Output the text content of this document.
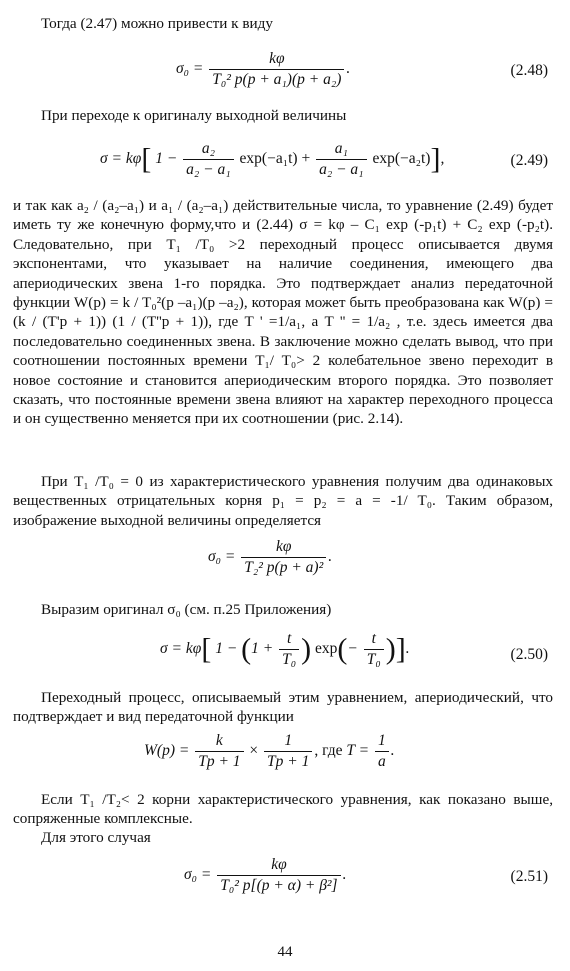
Тогда (2.47) можно привести к виду
$\sigma_0 = \frac{k\varphi}{\text{T₀² p(p + a₁)(p + a₂)}}$ .	(2.48)
При переходе к оригиналу выходной величины
σ = kφ[ $1 - \frac{\text{a₂}}{\text{a₂ − a₁}} \exp(-a_1t) + \frac{\text{a₁}}{\text{a₂ − a₁}} \exp(-a_2t)$],	(2.49)
и так как a₂ / (a₂–a₁) и a₁ / (a₂–a₁) действительные числа, то уравнение (2.49) будет иметь ту же конечную форму,что и (2.44) σ = kφ – C₁ exp (-p₁t) + C₂ exp (-p₂t). Следовательно, при T₁ /T₀ >2 переходный процесс описывается двумя экспонентами, что указывает на наличие соединения, имеющего два апериодических звена 1-го порядка. Это подтверждает анализ передаточной функции W(p) = k / T₀²(p –a₁)(p –a₂), которая может быть преобразована как W(p) = (k / (T'p + 1)) (1 / (T''p + 1)), где T ' =1/a₁, а T '' = 1/a₂ , т.е. здесь имеется два последовательно соединенных звена. В заключение можно сделать вывод, что при соотношении постоянных времени T₁/ T₀> 2 колебательное звено переходит в новое состояние и становится апериодическим второго порядка. Это позволяет сказать, что постоянные времени звена влияют на характер переходного процесса и он существенно меняется при их соотношении (рис. 2.14).
При T₁ /T₀ = 0 из характеристического уравнения получим два одинаковых вещественных отрицательных корня p₁ = p₂ = a = -1/ T₀. Таким образом, изображение выходной величины определяется
$\sigma_0 = \frac{k\varphi}{\text{T₂² p(p + a)²}}$ .
Выразим оригинал σ₀ (см. п.25 Приложения)
σ = kφ[ $1 - (1 + \frac{t}{\text{T₀}}$ ) $\exp(- \frac{t}{\text{T₀}}$ )].	(2.50)
Переходный процесс, описываемый этим уравнением, апериодический, что подтверждает и вид передаточной функции
$W(p) = \frac{k}{Tp + 1} \times \frac{1}{Tp + 1}$ , где $T = \frac{1}{a}$ .
Если T₁ /T₂< 2 корни характеристического уравнения, как показано выше, сопряженные комплексные.
Для этого случая
$\sigma_0 = \frac{k\varphi}{\text{T₀² p[(p + α) + β²]}}$ .	(2.51)
44
